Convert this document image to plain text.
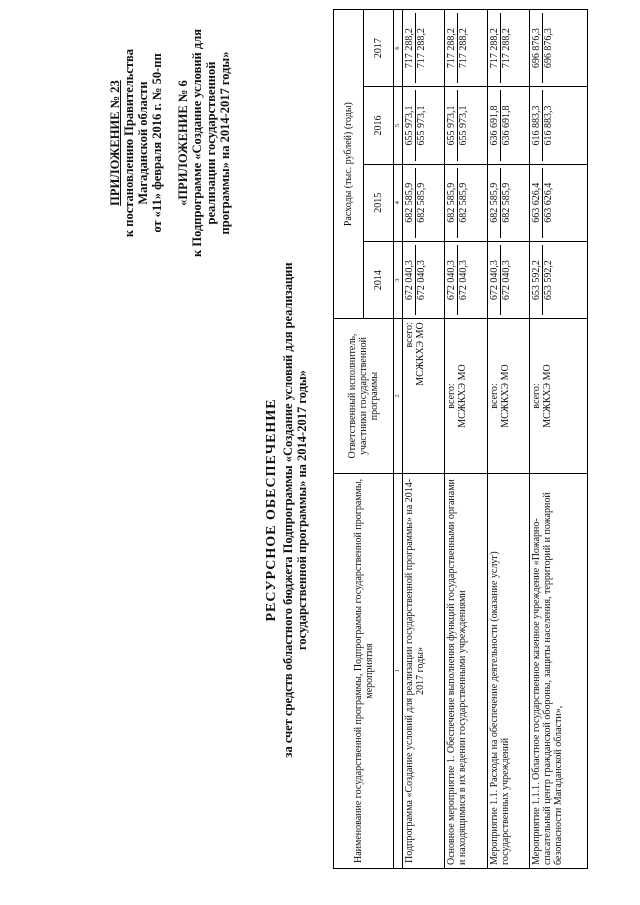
ПРИЛОЖЕНИЕ № 23 к постановлению Правительства Магаданской области от «11» февраля 2016 г. № 50-пп «ПРИЛОЖЕНИЕ № 6 к Подпрограмме «Создание условий для реализации государственной программы» на 2014-2017 годы»
РЕСУРСНОЕ ОБЕСПЕЧЕНИЕ за счет средств областного бюджета Подпрограммы «Создание условий для реализации государственной программы» на 2014-2017 годы»	Наименование государственной программы, Подпрограммы государственной программы, мероприятия	Ответственный исполнитель, участники государственной программы	Расходы (тыс. рублей) (годы)			
		2014	2015	2016	2017
1	2	3	4	5	6
Подпрограмма «Создание условий для реализации государственной программы» на 2014-2017 годы»	всего:
МСЖКХЭ МО	672 040,3 672 040,3	682 585,9 682 585,9	655 973,1 655 973,1	717 288,2 717 288,2
Основное мероприятие 1. Обеспечение выполнения функций государственными органами и находящимися в их ведении государственными учреждениями	всего:
МСЖКХЭ МО	672 040,3 672 040,3	682 585,9 682 585,9	655 973,1 655 973,1	717 288,2 717 288,2
Мероприятие 1.1. Расходы на обеспечение деятельности (оказание услуг) государственных учреждений	всего:
МСЖКХЭ МО	672 040,3 672 040,3	682 585,9 682 585,9	636 691,8 636 691,8	717 288,2 717 288,2
Мероприятие 1.1.1. Областное государственное казенное учреждение «Пожарно-спасательный центр гражданской обороны, защиты населения, территорий и пожарной безопасности Магаданской области»,	всего:
МСЖКХЭ МО	653 592,2 653 592,2	663 626,4 663 626,4	616 883,3 616 883,3	696 876,3 696 876,3
